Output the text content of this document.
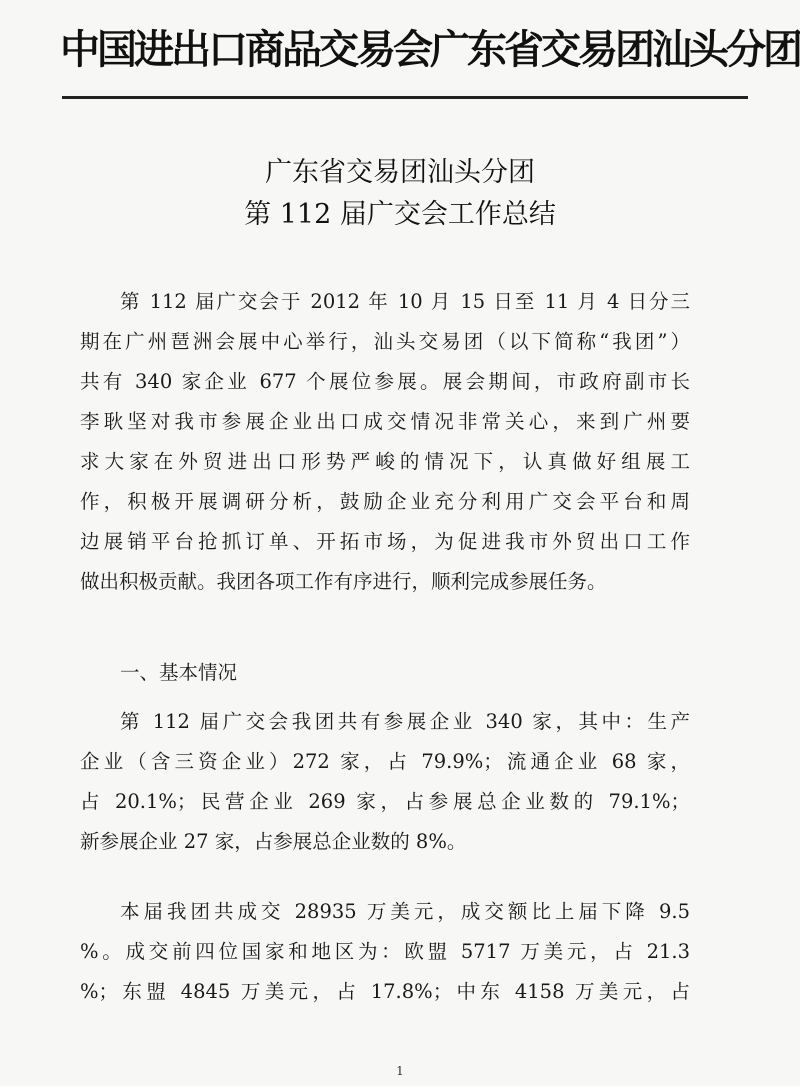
中国进出口商品交易会广东省交易团汕头分团
广东省交易团汕头分团
第 112 届广交会工作总结
第 112 届广交会于 2012 年 10 月 15 日至 11 月 4 日分三
期在广州琶洲会展中心举行，汕头交易团（以下简称“我团”）
共有 340 家企业 677 个展位参展。展会期间，市政府副市长
李耿坚对我市参展企业出口成交情况非常关心，来到广州要
求大家在外贸进出口形势严峻的情况下，认真做好组展工
作，积极开展调研分析，鼓励企业充分利用广交会平台和周
边展销平台抢抓订单、开拓市场，为促进我市外贸出口工作
做出积极贡献。我团各项工作有序进行，顺利完成参展任务。
一、基本情况
第 112 届广交会我团共有参展企业 340 家，其中：生产
企业（含三资企业）272 家，占 79.9%；流通企业 68 家，
占 20.1%；民营企业 269 家，占参展总企业数的 79.1%；
新参展企业 27 家，占参展总企业数的 8%。
本届我团共成交 28935 万美元，成交额比上届下降 9.5
%。成交前四位国家和地区为：欧盟 5717 万美元，占 21.3
%；东盟 4845 万美元，占 17.8%；中东 4158 万美元，占
1
